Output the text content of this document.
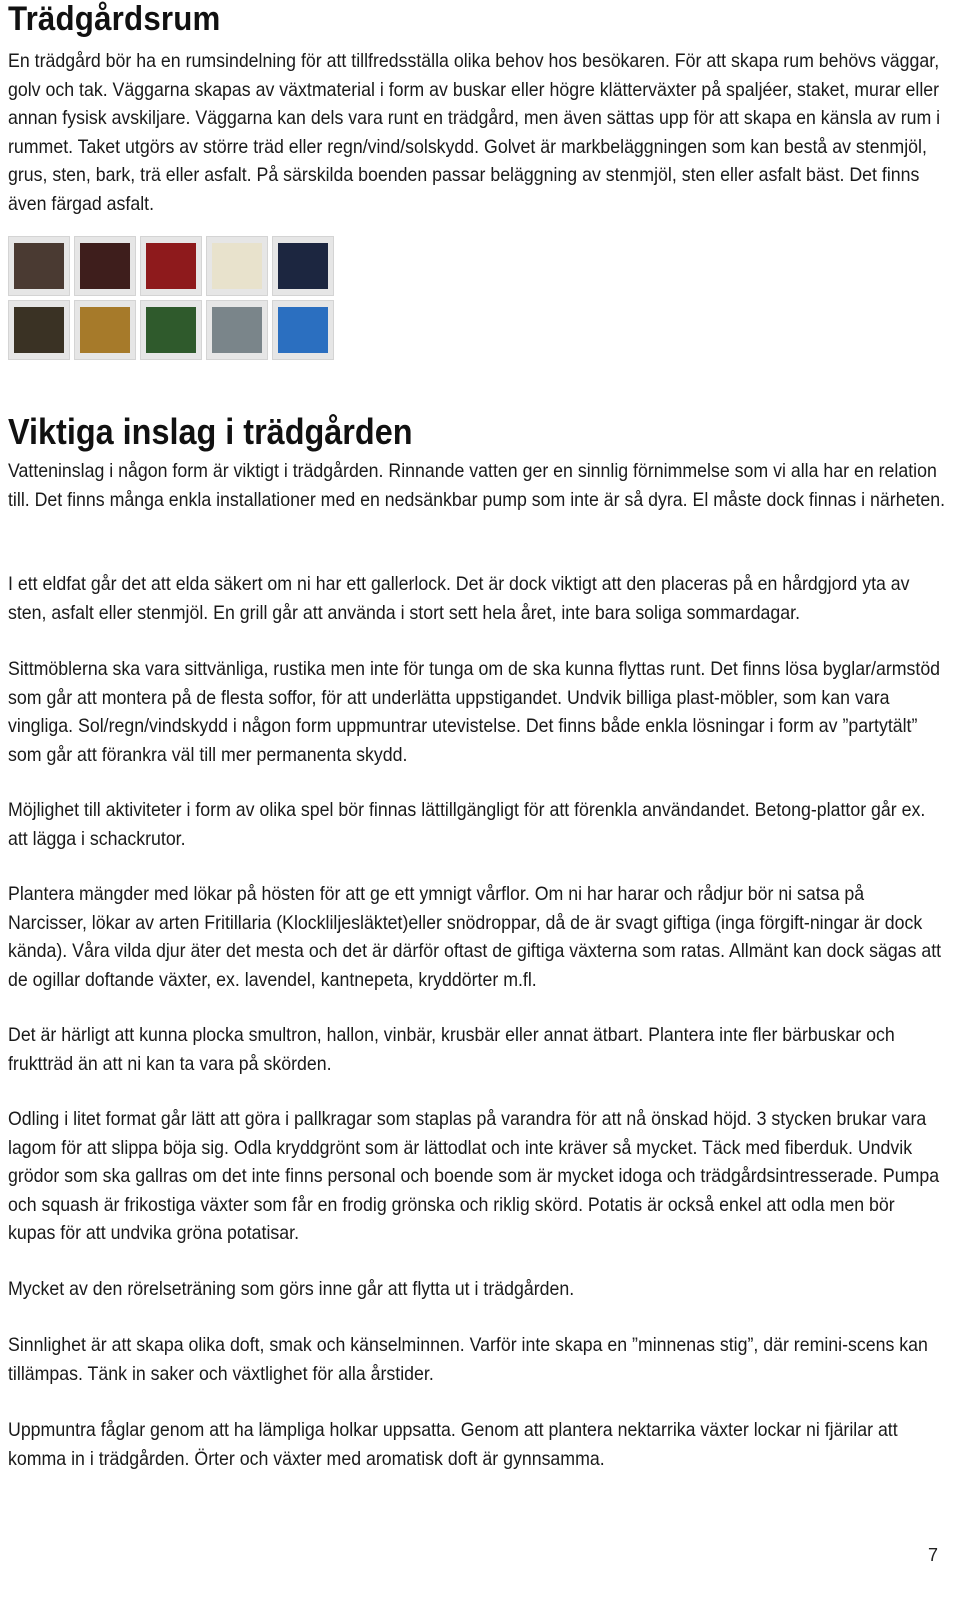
Trädgårdsrum

En trädgård bör ha en rumsindelning för att tillfredsställa olika behov hos besökaren. För att skapa rum behövs väggar, golv och tak. Väggarna skapas av växtmaterial i form av buskar eller högre klätterväxter på spaljéer, staket, murar eller annan fysisk avskiljare. Väggarna kan dels vara runt en trädgård, men även sättas upp för att skapa en känsla av rum i rummet. Taket utgörs av större träd eller regn/vind/solskydd. Golvet är markbeläggningen som kan bestå av stenmjöl, grus, sten, bark, trä eller asfalt. På särskilda boenden passar beläggning av stenmjöl, sten eller asfalt bäst. Det finns även färgad asfalt.

Viktiga inslag i trädgården

Vatteninslag i någon form är viktigt i trädgården. Rinnande vatten ger en sinnlig förnimmelse som vi alla har en relation till. Det finns många enkla installationer med en nedsänkbar pump som inte är så dyra. El måste dock finnas i närheten.

I ett eldfat går det att elda säkert om ni har ett gallerlock. Det är dock viktigt att den placeras på en hårdgjord yta av sten, asfalt eller stenmjöl. En grill går att använda i stort sett hela året, inte bara soliga sommardagar.

Sittmöblerna ska vara sittvänliga, rustika men inte för tunga om de ska kunna flyttas runt. Det finns lösa byglar/armstöd som går att montera på de flesta soffor, för att underlätta uppstigandet. Undvik billiga plast-möbler, som kan vara vingliga. Sol/regn/vindskydd i någon form uppmuntrar utevistelse. Det finns både enkla lösningar i form av ”partytält” som går att förankra väl till mer permanenta skydd.

Möjlighet till aktiviteter i form av olika spel bör finnas lättillgängligt för att förenkla användandet. Betong-plattor går ex. att lägga i schackrutor.

Plantera mängder med lökar på hösten för att ge ett ymnigt vårflor. Om ni har harar och rådjur bör ni satsa på Narcisser, lökar av arten Fritillaria (Klockliljesläktet)eller snödroppar, då de är svagt giftiga (inga förgift-ningar är dock kända). Våra vilda djur äter det mesta och det är därför oftast de giftiga växterna som ratas. Allmänt kan dock sägas att de ogillar doftande växter, ex. lavendel, kantnepeta, kryddörter m.fl.

Det är härligt att kunna plocka smultron, hallon, vinbär, krusbär eller annat ätbart. Plantera inte fler bärbuskar och fruktträd än att ni kan ta vara på skörden.

Odling i litet format går lätt att göra i pallkragar som staplas på varandra för att nå önskad höjd. 3 stycken brukar vara lagom för att slippa böja sig. Odla kryddgrönt som är lättodlat och inte kräver så mycket. Täck med fiberduk. Undvik grödor som ska gallras om det inte finns personal och boende som är mycket idoga och trädgårdsintresserade. Pumpa och squash är frikostiga växter som får en frodig grönska och riklig skörd. Potatis är också enkel att odla men bör kupas för att undvika gröna potatisar.

Mycket av den rörelseträning som görs inne går att flytta ut i trädgården.

Sinnlighet är att skapa olika doft, smak och känselminnen. Varför inte skapa en ”minnenas stig”, där remini-scens kan tillämpas. Tänk in saker och växtlighet för alla årstider.

Uppmuntra fåglar genom att ha lämpliga holkar uppsatta. Genom att plantera nektarrika växter lockar ni fjärilar att komma in i trädgården. Örter och växter med aromatisk doft är gynnsamma.

7
